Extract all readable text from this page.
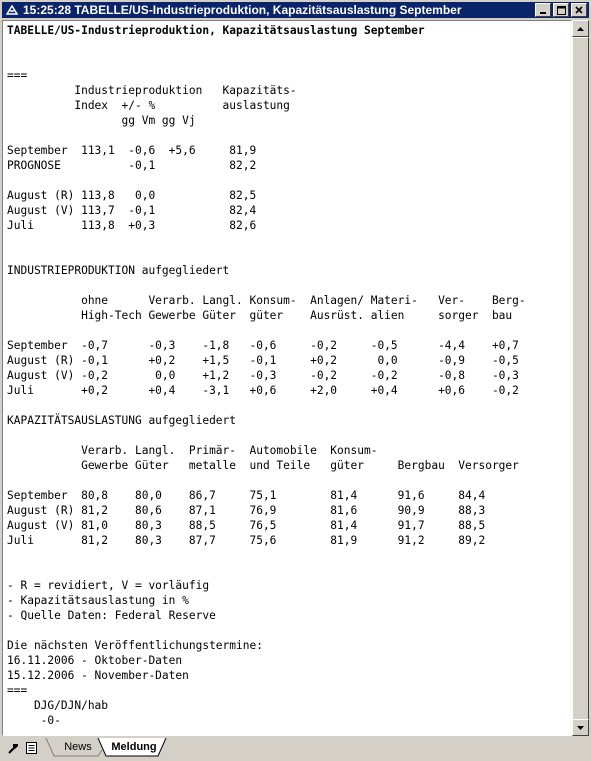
15:25:28 TABELLE/US-Industrieproduktion, Kapazitätsauslastung September
TABELLE/US-Industrieproduktion, Kapazitätsauslastung September

===
Industrieproduktion   Kapazitäts-
Index  +/- %          auslastung
gg Vm gg Vj

September  113,1  -0,6  +5,6     81,9
PROGNOSE          -0,1           82,2

August (R) 113,8   0,0           82,5
August (V) 113,7  -0,1           82,4
Juli       113,8  +0,3           82,6

INDUSTRIEPRODUKTION aufgegliedert

ohne      Verarb. Langl. Konsum-  Anlagen/ Materi-   Ver-    Berg-
High-Tech Gewerbe Güter  güter    Ausrüst. alien     sorger  bau

September  -0,7      -0,3    -1,8   -0,6     -0,2     -0,5      -4,4    +0,7
August (R) -0,1      +0,2    +1,5   -0,1     +0,2      0,0      -0,9    -0,5
August (V) -0,2       0,0    +1,2   -0,3     -0,2     -0,2      -0,8    -0,3
Juli       +0,2      +0,4    -3,1   +0,6     +2,0     +0,4      +0,6    -0,2

KAPAZITÄTSAUSLASTUNG aufgegliedert

Verarb. Langl.  Primär-  Automobile  Konsum-
Gewerbe Güter   metalle  und Teile   güter     Bergbau  Versorger

September  80,8    80,0    86,7     75,1        81,4      91,6     84,4
August (R) 81,2    80,6    87,1     76,9        81,6      90,9     88,3
August (V) 81,0    80,3    88,5     76,5        81,4      91,7     88,5
Juli       81,2    80,3    87,7     75,6        81,9      91,2     89,2

- R = revidiert, V = vorläufig
- Kapazitätsauslastung in %
- Quelle Daten: Federal Reserve

Die nächsten Veröffentlichungstermine:
16.11.2006 - Oktober-Daten
15.12.2006 - November-Daten
===
DJG/DJN/hab
-0-

News	Meldung
